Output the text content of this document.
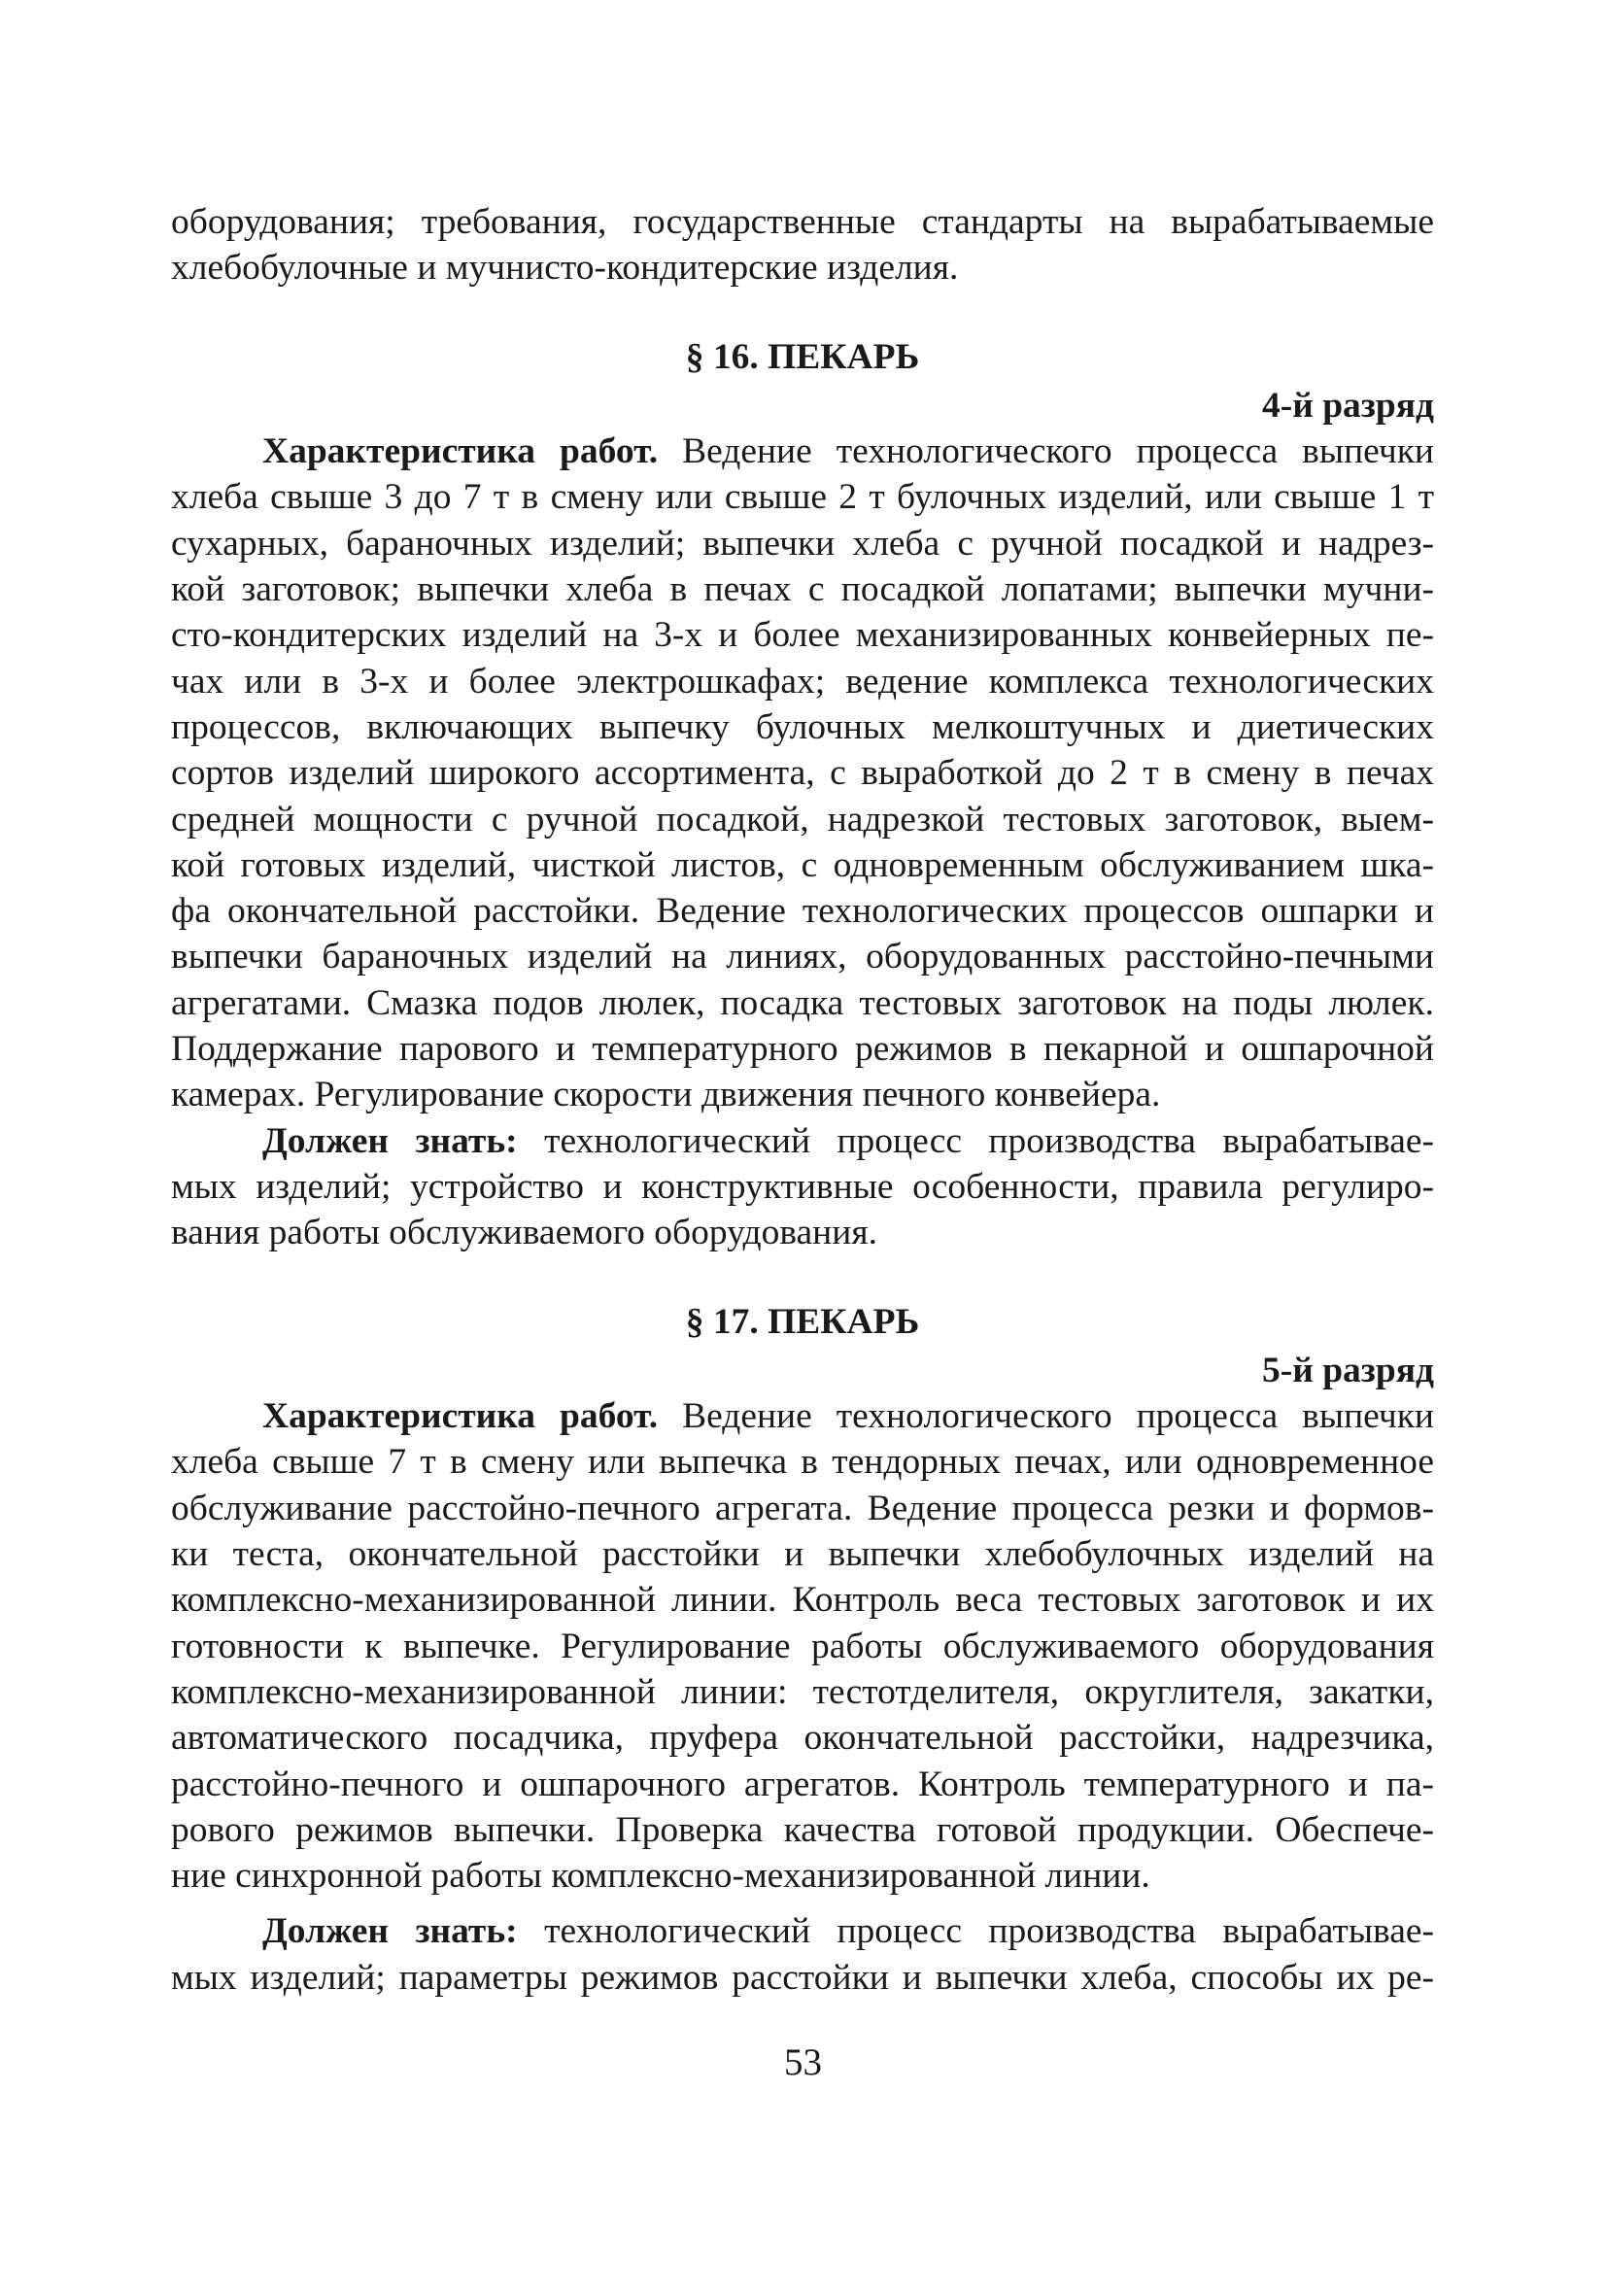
оборудования; требования, государственные стандарты на вырабатываемые
хлебобулочные и мучнисто-кондитерские изделия.
§ 16. ПЕКАРЬ
4-й разряд
Характеристика работ. Ведение технологического процесса выпечки
хлеба свыше 3 до 7 т в смену или свыше 2 т булочных изделий, или свыше 1 т
сухарных, бараночных изделий; выпечки хлеба с ручной посадкой и надрез-
кой заготовок; выпечки хлеба в печах с посадкой лопатами; выпечки мучни-
сто-кондитерских изделий на 3-х и более механизированных конвейерных пе-
чах или в 3-х и более электрошкафах; ведение комплекса технологических
процессов, включающих выпечку булочных мелкоштучных и диетических
сортов изделий широкого ассортимента, с выработкой до 2 т в смену в печах
средней мощности с ручной посадкой, надрезкой тестовых заготовок, выем-
кой готовых изделий, чисткой листов, с одновременным обслуживанием шка-
фа окончательной расстойки. Ведение технологических процессов ошпарки и
выпечки бараночных изделий на линиях, оборудованных расстойно-печными
агрегатами. Смазка подов люлек, посадка тестовых заготовок на поды люлек.
Поддержание парового и температурного режимов в пекарной и ошпарочной
камерах. Регулирование скорости движения печного конвейера.
Должен знать: технологический процесс производства вырабатывае-
мых изделий; устройство и конструктивные особенности, правила регулиро-
вания работы обслуживаемого оборудования.
§ 17. ПЕКАРЬ
5-й разряд
Характеристика работ. Ведение технологического процесса выпечки
хлеба свыше 7 т в смену или выпечка в тендорных печах, или одновременное
обслуживание расстойно-печного агрегата. Ведение процесса резки и формов-
ки теста, окончательной расстойки и выпечки хлебобулочных изделий на
комплексно-механизированной линии. Контроль веса тестовых заготовок и их
готовности к выпечке. Регулирование работы обслуживаемого оборудования
комплексно-механизированной линии: тестотделителя, округлителя, закатки,
автоматического посадчика, пруфера окончательной расстойки, надрезчика,
расстойно-печного и ошпарочного агрегатов. Контроль температурного и па-
рового режимов выпечки. Проверка качества готовой продукции. Обеспече-
ние синхронной работы комплексно-механизированной линии.
Должен знать: технологический процесс производства вырабатывае-
мых изделий; параметры режимов расстойки и выпечки хлеба, способы их ре-
53
